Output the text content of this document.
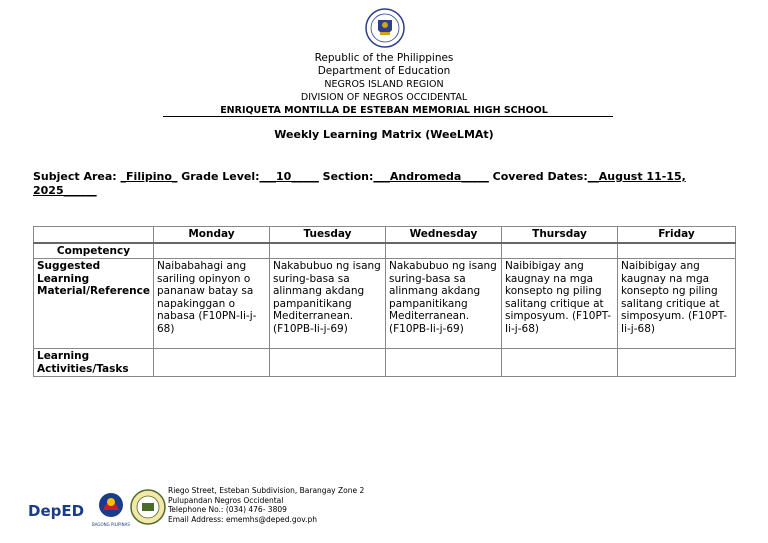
Republic of the Philippines
Department of Education
NEGROS ISLAND REGION
DIVISION OF NEGROS OCCIDENTAL
ENRIQUETA MONTILLA DE ESTEBAN MEMORIAL HIGH SCHOOL
Weekly Learning Matrix (WeeLMAt)
Subject Area: _Filipino_ Grade Level:___10_____ Section:___Andromeda_____ Covered Dates:__August 11-15, 2025______
	Monday	Tuesday	Wednesday	Thursday	Friday
Competency					
Suggested Learning Material/Reference	Naibabahagi ang sariling opinyon o pananaw batay sa napakinggan o nabasa (F10PN-Ii-j-68)	Nakabubuo ng isang suring-basa sa alinmang akdang pampanitikang Mediterranean. (F10PB-Ii-j-69)	Nakabubuo ng isang suring-basa sa alinmang akdang pampanitikang Mediterranean. (F10PB-Ii-j-69)	Naibibigay ang kaugnay na mga konsepto ng piling salitang critique at simposyum. (F10PT-Ii-j-68)	Naibibigay ang kaugnay na mga konsepto ng piling salitang critique at simposyum. (F10PT-Ii-j-68)
Learning Activities/Tasks					
DepED
BAGONG PILIPINAS
Riego Street, Esteban Subdivision, Barangay Zone 2
Pulupandan Negros Occidental
Telephone No.: (034) 476- 3809
Email Address: ememhs@deped.gov.ph
